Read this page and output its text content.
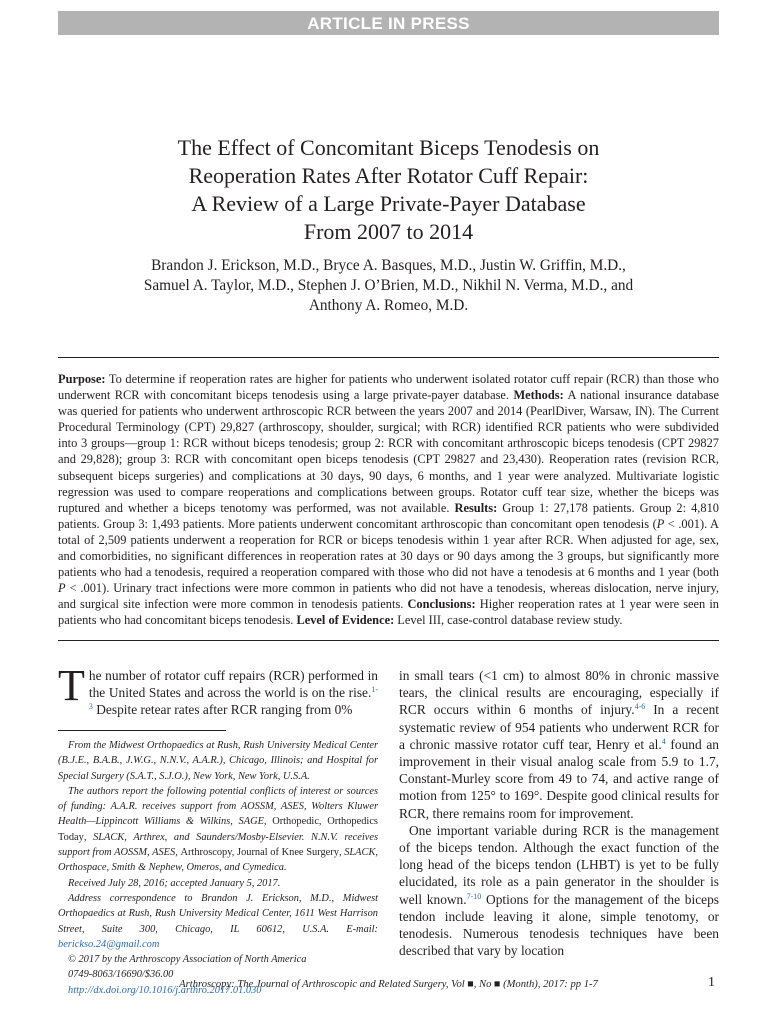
ARTICLE IN PRESS
The Effect of Concomitant Biceps Tenodesis on
Reoperation Rates After Rotator Cuff Repair:
A Review of a Large Private-Payer Database
From 2007 to 2014
Brandon J. Erickson, M.D., Bryce A. Basques, M.D., Justin W. Griffin, M.D.,
Samuel A. Taylor, M.D., Stephen J. O’Brien, M.D., Nikhil N. Verma, M.D., and
Anthony A. Romeo, M.D.
Purpose: To determine if reoperation rates are higher for patients who underwent isolated rotator cuff repair (RCR) than those who underwent RCR with concomitant biceps tenodesis using a large private-payer database. Methods: A national insurance database was queried for patients who underwent arthroscopic RCR between the years 2007 and 2014 (PearlDiver, Warsaw, IN). The Current Procedural Terminology (CPT) 29,827 (arthroscopy, shoulder, surgical; with RCR) identified RCR patients who were subdivided into 3 groups—group 1: RCR without biceps tenodesis; group 2: RCR with concomitant arthroscopic biceps tenodesis (CPT 29827 and 29,828); group 3: RCR with concomitant open biceps tenodesis (CPT 29827 and 23,430). Reoperation rates (revision RCR, subsequent biceps surgeries) and complications at 30 days, 90 days, 6 months, and 1 year were analyzed. Multivariate logistic regression was used to compare reoperations and complications between groups. Rotator cuff tear size, whether the biceps was ruptured and whether a biceps tenotomy was performed, was not available. Results: Group 1: 27,178 patients. Group 2: 4,810 patients. Group 3: 1,493 patients. More patients underwent concomitant arthroscopic than concomitant open tenodesis (P < .001). A total of 2,509 patients underwent a reoperation for RCR or biceps tenodesis within 1 year after RCR. When adjusted for age, sex, and comorbidities, no significant differences in reoperation rates at 30 days or 90 days among the 3 groups, but significantly more patients who had a tenodesis, required a reoperation compared with those who did not have a tenodesis at 6 months and 1 year (both P < .001). Urinary tract infections were more common in patients who did not have a tenodesis, whereas dislocation, nerve injury, and surgical site infection were more common in tenodesis patients. Conclusions: Higher reoperation rates at 1 year were seen in patients who had concomitant biceps tenodesis. Level of Evidence: Level III, case-control database review study.
The number of rotator cuff repairs (RCR) performed in the United States and across the world is on the rise.$^{1-3}$ Despite retear rates after RCR ranging from 0%

From the Midwest Orthopaedics at Rush, Rush University Medical Center (B.J.E., B.A.B., J.W.G., N.N.V., A.A.R.), Chicago, Illinois; and Hospital for Special Surgery (S.A.T., S.J.O.), New York, New York, U.S.A.

The authors report the following potential conflicts of interest or sources of funding: A.A.R. receives support from AOSSM, ASES, Wolters Kluwer Health—Lippincott Williams & Wilkins, SAGE, Orthopedic, Orthopedics Today, SLACK, Arthrex, and Saunders/Mosby-Elsevier. N.N.V. receives support from AOSSM, ASES, Arthroscopy, Journal of Knee Surgery, SLACK, Orthospace, Smith & Nephew, Omeros, and Cymedica.

Received July 28, 2016; accepted January 5, 2017.

Address correspondence to Brandon J. Erickson, M.D., Midwest Orthopaedics at Rush, Rush University Medical Center, 1611 West Harrison Street, Suite 300, Chicago, IL 60612, U.S.A. E-mail: bericksо.24@gmail.com

© 2017 by the Arthroscopy Association of North America

0749-8063/16690/$36.00

http://dx.doi.org/10.1016/j.arthro.2017.01.030

in small tears (<1 cm) to almost 80% in chronic massive tears, the clinical results are encouraging, especially if RCR occurs within 6 months of injury.$^{4-6}$ In a recent systematic review of 954 patients who underwent RCR for a chronic massive rotator cuff tear, Henry et al.$^4$ found an improvement in their visual analog scale from 5.9 to 1.7, Constant-Murley score from 49 to 74, and active range of motion from 125° to 169°. Despite good clinical results for RCR, there remains room for improvement.

One important variable during RCR is the management of the biceps tendon. Although the exact function of the long head of the biceps tendon (LHBT) is yet to be fully elucidated, its role as a pain generator in the shoulder is well known.$^{7-10}$ Options for the management of the biceps tendon include leaving it alone, simple tenotomy, or tenodesis. Numerous tenodesis techniques have been described that vary by location

Arthroscopy: The Journal of Arthroscopic and Related Surgery, Vol ■, No ■ (Month), 2017: pp 1-7	1
